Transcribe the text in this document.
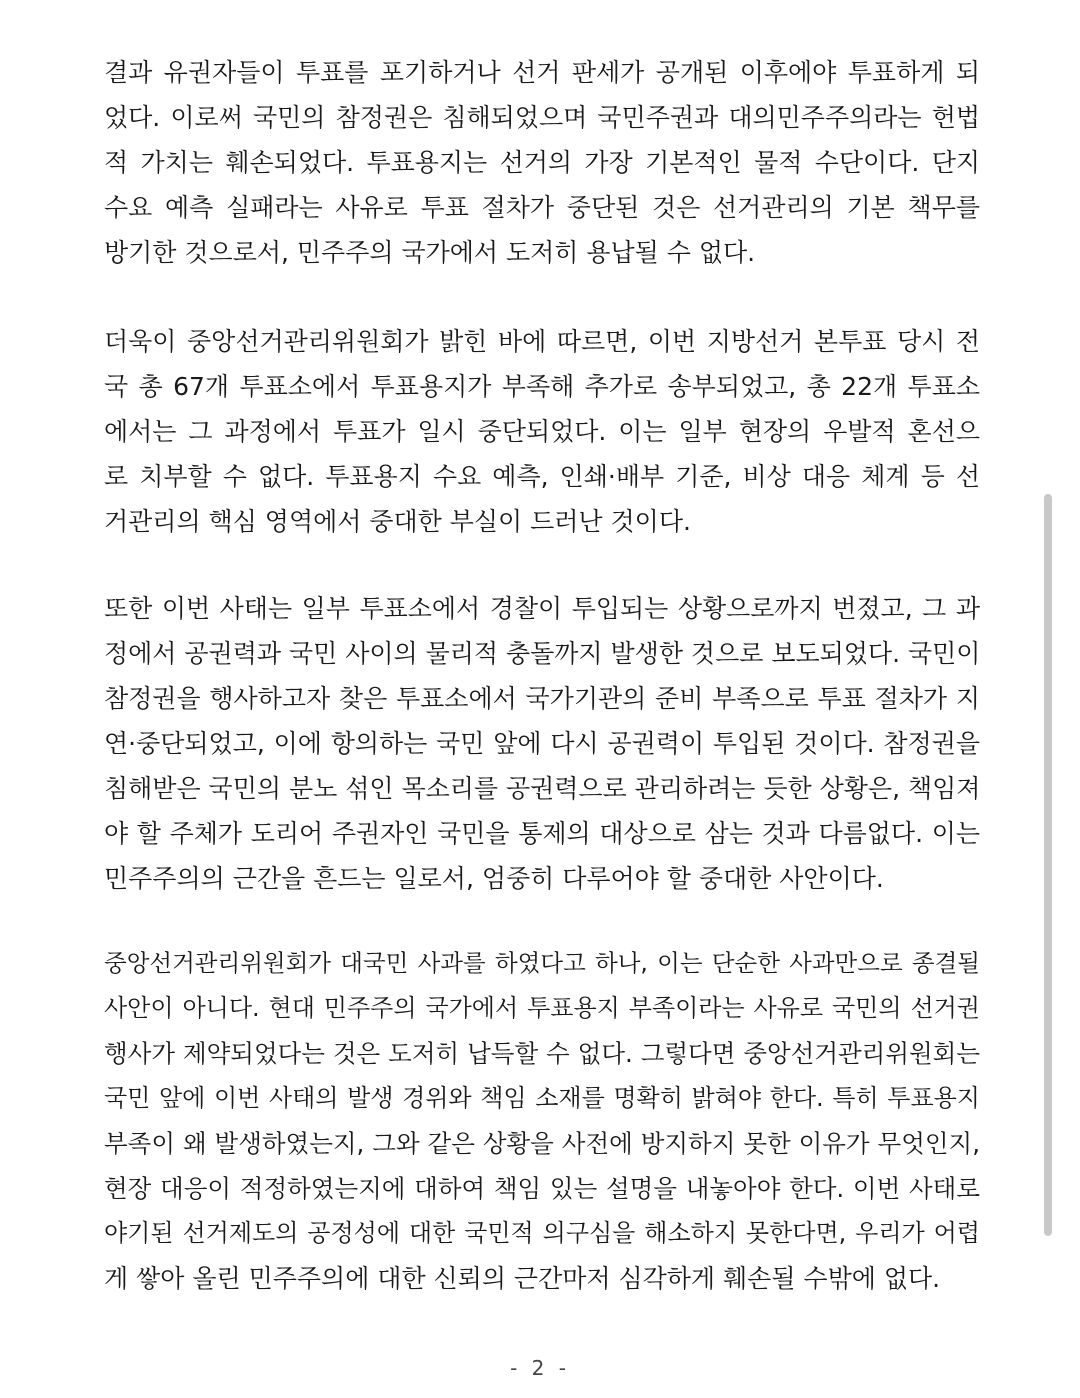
결과 유권자들이 투표를 포기하거나 선거 판세가 공개된 이후에야 투표하게 되
었다. 이로써 국민의 참정권은 침해되었으며 국민주권과 대의민주주의라는 헌법
적 가치는 훼손되었다. 투표용지는 선거의 가장 기본적인 물적 수단이다. 단지
수요 예측 실패라는 사유로 투표 절차가 중단된 것은 선거관리의 기본 책무를
방기한 것으로서, 민주주의 국가에서 도저히 용납될 수 없다.
더욱이 중앙선거관리위원회가 밝힌 바에 따르면, 이번 지방선거 본투표 당시 전
국 총 67개 투표소에서 투표용지가 부족해 추가로 송부되었고, 총 22개 투표소
에서는 그 과정에서 투표가 일시 중단되었다. 이는 일부 현장의 우발적 혼선으
로 치부할 수 없다. 투표용지 수요 예측, 인쇄·배부 기준, 비상 대응 체계 등 선
거관리의 핵심 영역에서 중대한 부실이 드러난 것이다.
또한 이번 사태는 일부 투표소에서 경찰이 투입되는 상황으로까지 번졌고, 그 과
정에서 공권력과 국민 사이의 물리적 충돌까지 발생한 것으로 보도되었다. 국민이
참정권을 행사하고자 찾은 투표소에서 국가기관의 준비 부족으로 투표 절차가 지
연·중단되었고, 이에 항의하는 국민 앞에 다시 공권력이 투입된 것이다. 참정권을
침해받은 국민의 분노 섞인 목소리를 공권력으로 관리하려는 듯한 상황은, 책임져
야 할 주체가 도리어 주권자인 국민을 통제의 대상으로 삼는 것과 다름없다. 이는
민주주의의 근간을 흔드는 일로서, 엄중히 다루어야 할 중대한 사안이다.
중앙선거관리위원회가 대국민 사과를 하였다고 하나, 이는 단순한 사과만으로 종결될
사안이 아니다. 현대 민주주의 국가에서 투표용지 부족이라는 사유로 국민의 선거권
행사가 제약되었다는 것은 도저히 납득할 수 없다. 그렇다면 중앙선거관리위원회는
국민 앞에 이번 사태의 발생 경위와 책임 소재를 명확히 밝혀야 한다. 특히 투표용지
부족이 왜 발생하였는지, 그와 같은 상황을 사전에 방지하지 못한 이유가 무엇인지,
현장 대응이 적정하였는지에 대하여 책임 있는 설명을 내놓아야 한다. 이번 사태로
야기된 선거제도의 공정성에 대한 국민적 의구심을 해소하지 못한다면, 우리가 어렵
게 쌓아 올린 민주주의에 대한 신뢰의 근간마저 심각하게 훼손될 수밖에 없다.
- 2 -
